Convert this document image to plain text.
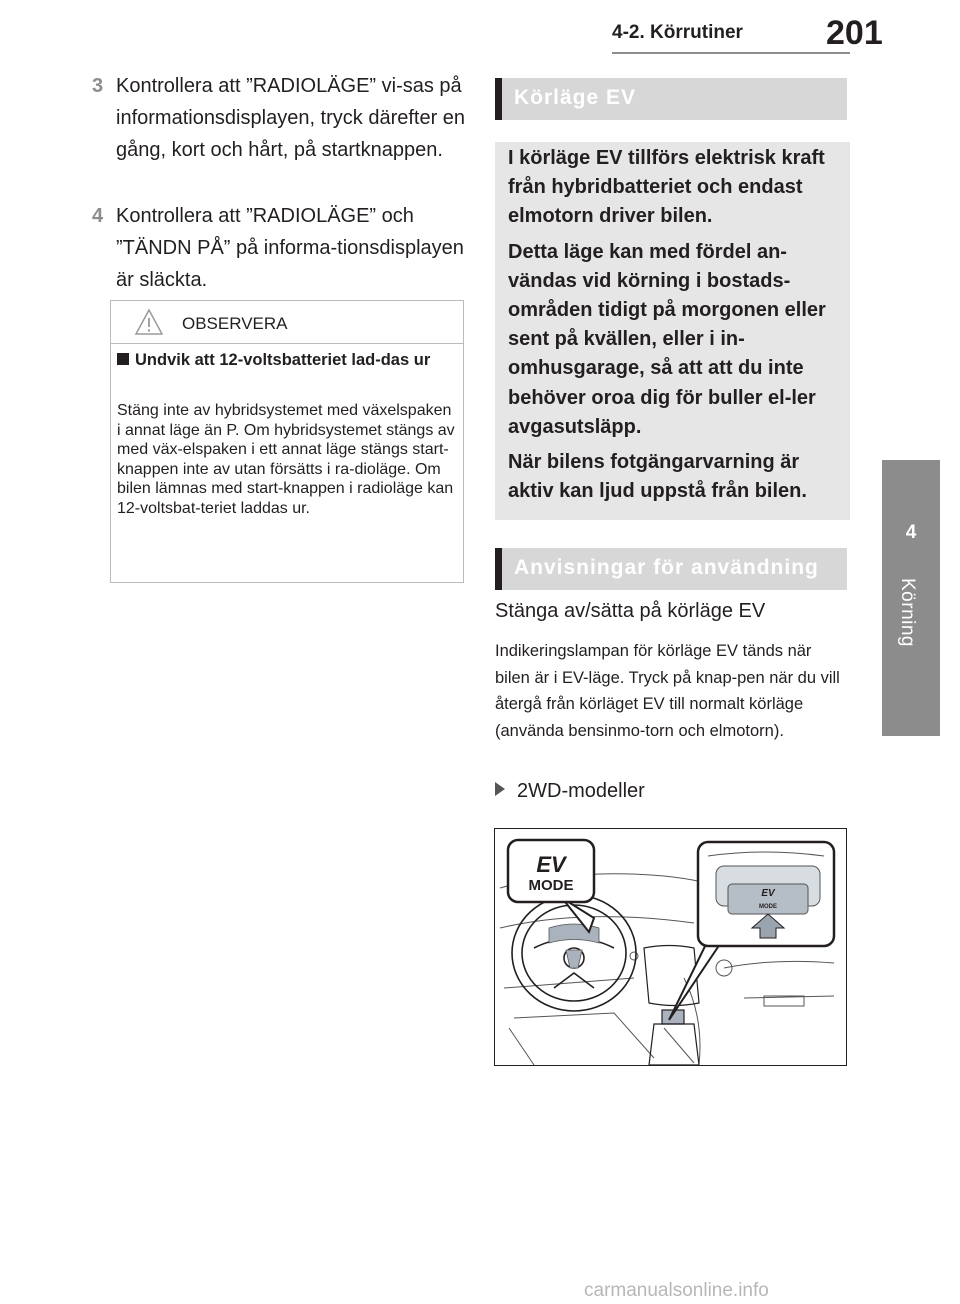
4-2. Körrutiner 201
4
Körning
3 Kontrollera att ”RADIOLÄGE” vi-sas på informationsdisplayen, tryck därefter en gång, kort och hårt, på startknappen.
4 Kontrollera att ”RADIOLÄGE” och ”TÄNDN PÅ” på informa-tionsdisplayen är släckta.
OBSERVERA
Undvik att 12-voltsbatteriet lad-das ur
Stäng inte av hybridsystemet med växelspaken i annat läge än P. Om hybridsystemet stängs av med väx-elspaken i ett annat läge stängs start-knappen inte av utan försätts i ra-dioläge. Om bilen lämnas med start-knappen i radioläge kan 12-voltsbat-teriet laddas ur.
Körläge EV

I körläge EV tillförs elektrisk kraft från hybridbatteriet och endast elmotorn driver bilen.

Detta läge kan med fördel an-vändas vid körning i bostads-områden tidigt på morgonen eller sent på kvällen, eller i in-omhusgarage, så att att du inte behöver oroa dig för buller el-ler avgasutsläpp.

När bilens fotgängarvarning är aktiv kan ljud uppstå från bilen.

Anvisningar för användning
Stänga av/sätta på körläge EV
Indikeringslampan för körläge EV tänds när bilen är i EV-läge. Tryck på knap-pen när du vill återgå från körläget EV till normalt körläge (använda bensinmo-torn och elmotorn).
2WD-modeller
EV
MODE	EV
MODE
carmanualsonline.info
